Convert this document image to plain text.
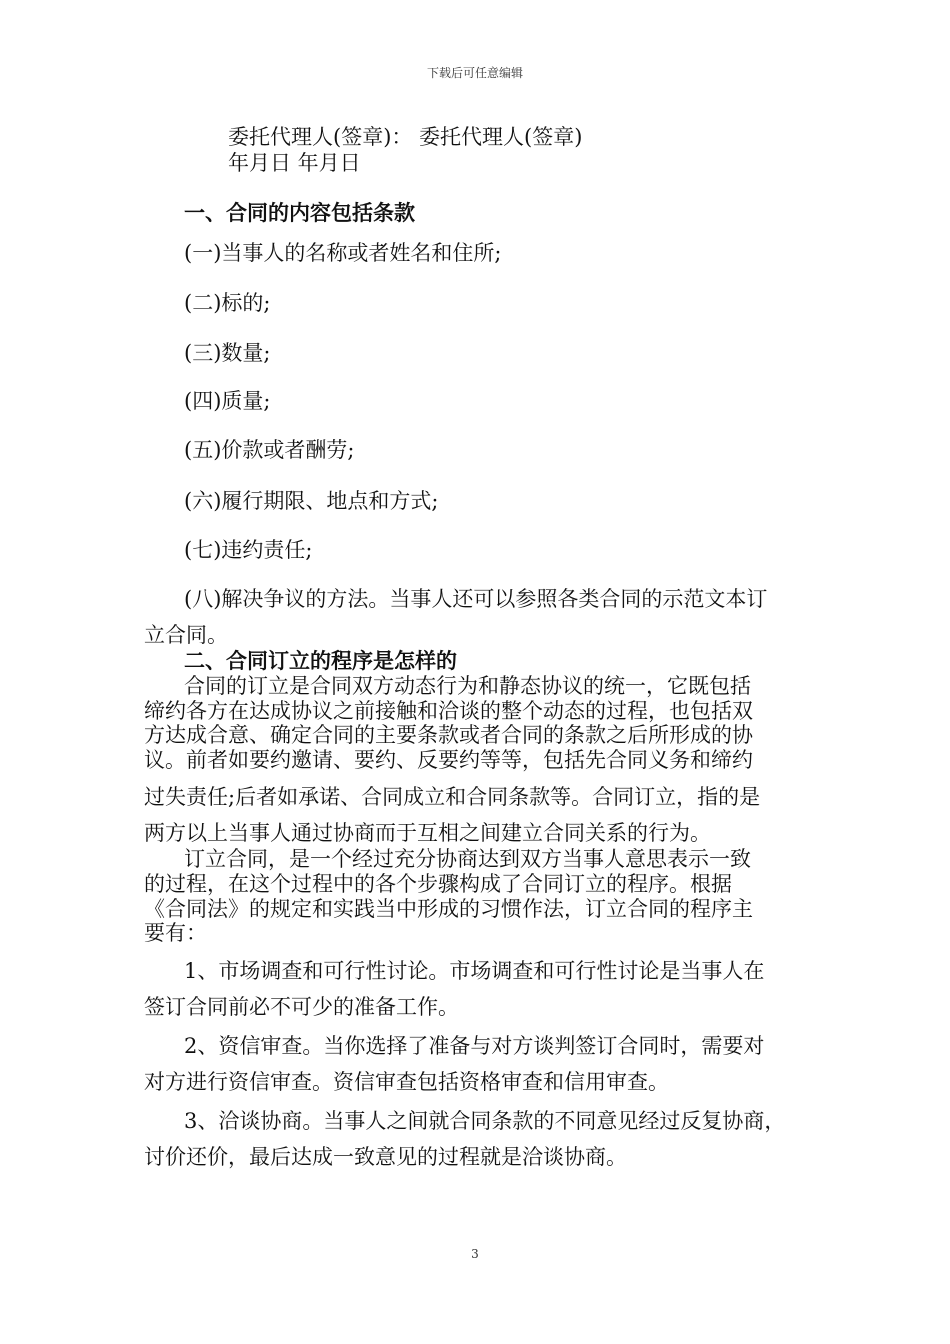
下载后可任意编辑
委托代理人(签章)： 委托代理人(签章)
年月日 年月日
一、合同的内容包括条款
(一)当事人的名称或者姓名和住所;
(二)标的;
(三)数量;
(四)质量;
(五)价款或者酬劳;
(六)履行期限、地点和方式;
(七)违约责任;
(八)解决争议的方法。当事人还可以参照各类合同的示范文本订
立合同。
二、合同订立的程序是怎样的
合同的订立是合同双方动态行为和静态协议的统一，它既包括
缔约各方在达成协议之前接触和洽谈的整个动态的过程，也包括双
方达成合意、确定合同的主要条款或者合同的条款之后所形成的协
议。前者如要约邀请、要约、反要约等等，包括先合同义务和缔约
过失责任;后者如承诺、合同成立和合同条款等。合同订立，指的是
两方以上当事人通过协商而于互相之间建立合同关系的行为。
订立合同，是一个经过充分协商达到双方当事人意思表示一致
的过程，在这个过程中的各个步骤构成了合同订立的程序。根据
《合同法》的规定和实践当中形成的习惯作法，订立合同的程序主
要有：
1、市场调查和可行性讨论。市场调查和可行性讨论是当事人在
签订合同前必不可少的准备工作。
2、资信审查。当你选择了准备与对方谈判签订合同时，需要对
对方进行资信审查。资信审查包括资格审查和信用审查。
3、洽谈协商。当事人之间就合同条款的不同意见经过反复协商，
讨价还价，最后达成一致意见的过程就是洽谈协商。
3
